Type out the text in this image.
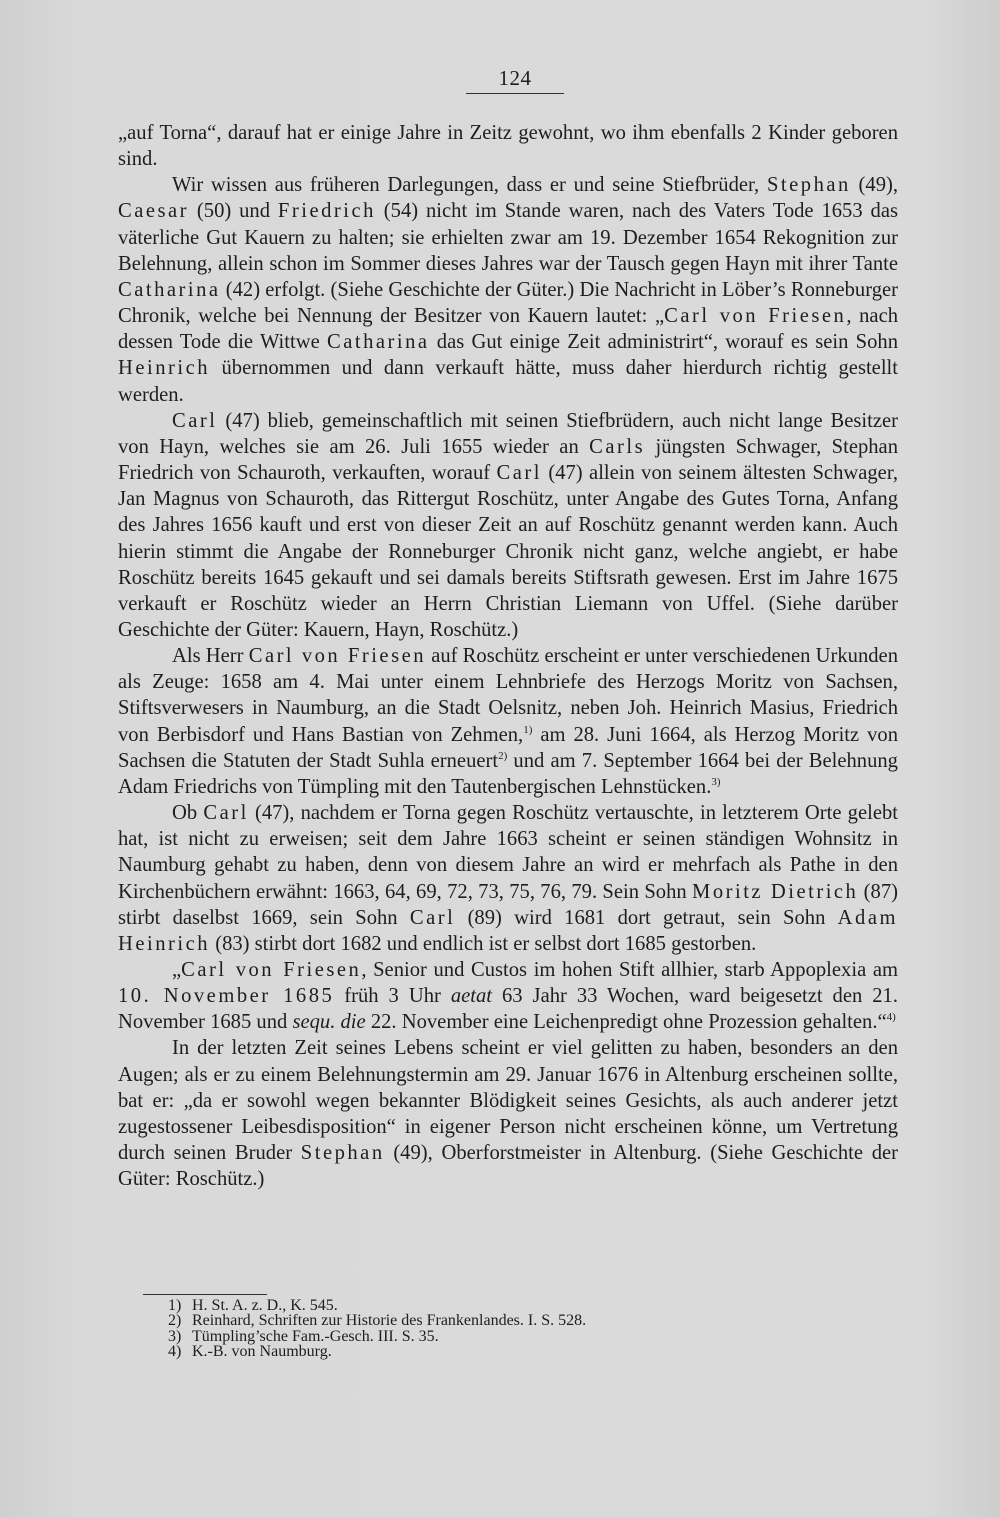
124

„auf Torna“, darauf hat er einige Jahre in Zeitz gewohnt, wo ihm ebenfalls 2 Kinder geboren sind.

Wir wissen aus früheren Darlegungen, dass er und seine Stiefbrüder, Stephan (49), Caesar (50) und Friedrich (54) nicht im Stande waren, nach des Vaters Tode 1653 das väterliche Gut Kauern zu halten; sie erhielten zwar am 19. Dezember 1654 Rekognition zur Belehnung, allein schon im Sommer dieses Jahres war der Tausch gegen Hayn mit ihrer Tante Catharina (42) erfolgt. (Siehe Geschichte der Güter.) Die Nachricht in Löber’s Ronneburger Chronik, welche bei Nennung der Besitzer von Kauern lautet: „Carl von Friesen, nach dessen Tode die Wittwe Catharina das Gut einige Zeit administrirt“, worauf es sein Sohn Heinrich übernommen und dann verkauft hätte, muss daher hierdurch richtig gestellt werden.

Carl (47) blieb, gemeinschaftlich mit seinen Stiefbrüdern, auch nicht lange Besitzer von Hayn, welches sie am 26. Juli 1655 wieder an Carls jüngsten Schwager, Stephan Friedrich von Schauroth, verkauften, worauf Carl (47) allein von seinem ältesten Schwager, Jan Magnus von Schauroth, das Rittergut Roschütz, unter Angabe des Gutes Torna, Anfang des Jahres 1656 kauft und erst von dieser Zeit an auf Roschütz genannt werden kann. Auch hierin stimmt die Angabe der Ronneburger Chronik nicht ganz, welche angiebt, er habe Roschütz bereits 1645 gekauft und sei damals bereits Stiftsrath gewesen. Erst im Jahre 1675 verkauft er Roschütz wieder an Herrn Christian Liemann von Uffel. (Siehe darüber Geschichte der Güter: Kauern, Hayn, Roschütz.)

Als Herr Carl von Friesen auf Roschütz erscheint er unter verschiedenen Urkunden als Zeuge: 1658 am 4. Mai unter einem Lehnbriefe des Herzogs Moritz von Sachsen, Stiftsverwesers in Naumburg, an die Stadt Oelsnitz, neben Joh. Heinrich Masius, Friedrich von Berbisdorf und Hans Bastian von Zehmen,$^{1)}$ am 28. Juni 1664, als Herzog Moritz von Sachsen die Statuten der Stadt Suhla erneuert$^{2)}$ und am 7. September 1664 bei der Belehnung Adam Friedrichs von Tümpling mit den Tautenbergischen Lehnstücken.$^{3)}$

Ob Carl (47), nachdem er Torna gegen Roschütz vertauschte, in letzterem Orte gelebt hat, ist nicht zu erweisen; seit dem Jahre 1663 scheint er seinen ständigen Wohnsitz in Naumburg gehabt zu haben, denn von diesem Jahre an wird er mehrfach als Pathe in den Kirchenbüchern erwähnt: 1663, 64, 69, 72, 73, 75, 76, 79. Sein Sohn Moritz Dietrich (87) stirbt daselbst 1669, sein Sohn Carl (89) wird 1681 dort getraut, sein Sohn Adam Heinrich (83) stirbt dort 1682 und endlich ist er selbst dort 1685 gestorben.

„Carl von Friesen, Senior und Custos im hohen Stift allhier, starb Appoplexia am 10. November 1685 früh 3 Uhr aetat 63 Jahr 33 Wochen, ward beigesetzt den 21. November 1685 und sequ. die 22. November eine Leichenpredigt ohne Prozession gehalten.“$^{4)}$

In der letzten Zeit seines Lebens scheint er viel gelitten zu haben, besonders an den Augen; als er zu einem Belehnungstermin am 29. Januar 1676 in Altenburg erscheinen sollte, bat er: „da er sowohl wegen bekannter Blödigkeit seines Gesichts, als auch anderer jetzt zugestossener Leibesdisposition“ in eigener Person nicht erscheinen könne, um Vertretung durch seinen Bruder Stephan (49), Oberforstmeister in Altenburg. (Siehe Geschichte der Güter: Roschütz.)

1) H. St. A. z. D., K. 545.
2) Reinhard, Schriften zur Historie des Frankenlandes. I. S. 528.
3) Tümpling’sche Fam.-Gesch. III. S. 35.
4) K.-B. von Naumburg.
